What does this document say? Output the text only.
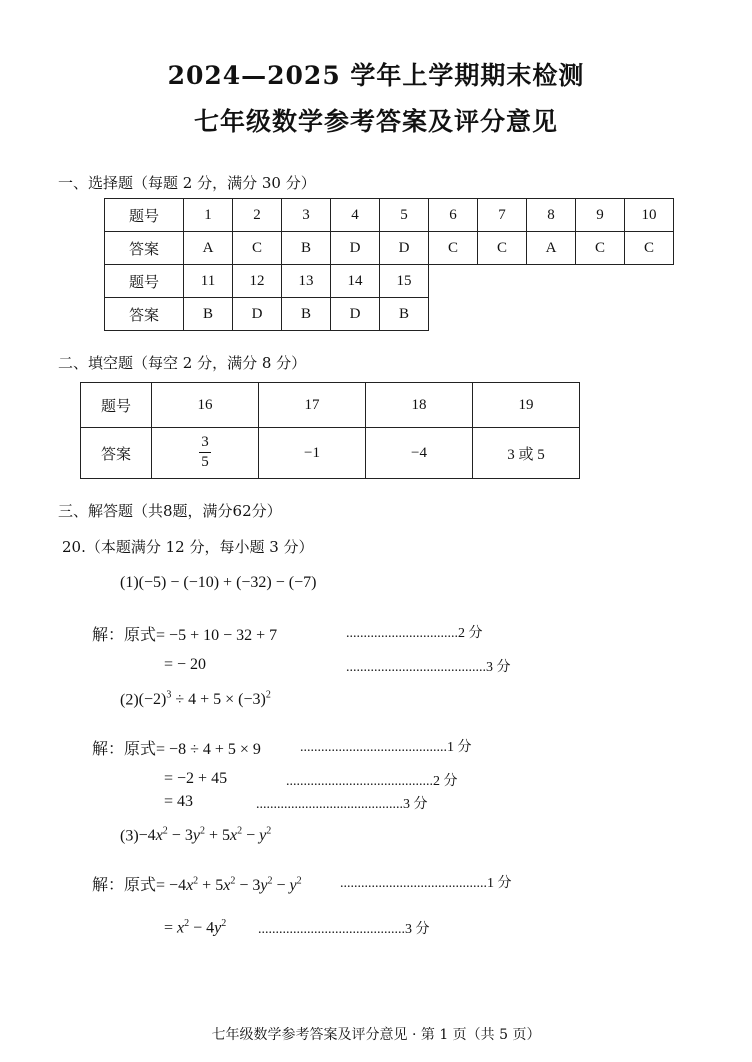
2024—2025 学年上学期期末检测
七年级数学参考答案及评分意见
一、选择题（每题 2 分，满分 30 分）
题号	1	2	3	4	5	6	7	8	9	10
答案	A	C	B	D	D	C	C	A	C	C
题号	11	12	13	14	15
答案	B	D	B	D	B
二、填空题（每空 2 分，满分 8 分）
题号	16	17	18	19
答案	$\frac{3}{5}$	−1	−4	3 或 5
三、解答题（共8题，满分62分）
20.（本题满分 12 分，每小题 3 分）
(1)(−5) − (−10) + (−32) − (−7)
解：原式= −5 + 10 − 32 + 7	................................2 分
= − 20	........................................3 分
$(2)(-2)^3 \div 4 + 5 \times (-3)^2$
解：原式= −8 ÷ 4 + 5 × 9	..........................................1 分
= −2 + 45	..........................................2 分
= 43	..........................................3 分
$(3)-4x^2 - 3y^2 + 5x^2 - y^2$
解：原式= $-4x^2 + 5x^2 - 3y^2 - y^2$	..........................................1 分
= $x^2 - 4y^2$ ..........................................3 分
七年级数学参考答案及评分意见 · 第 1 页（共 5 页）
